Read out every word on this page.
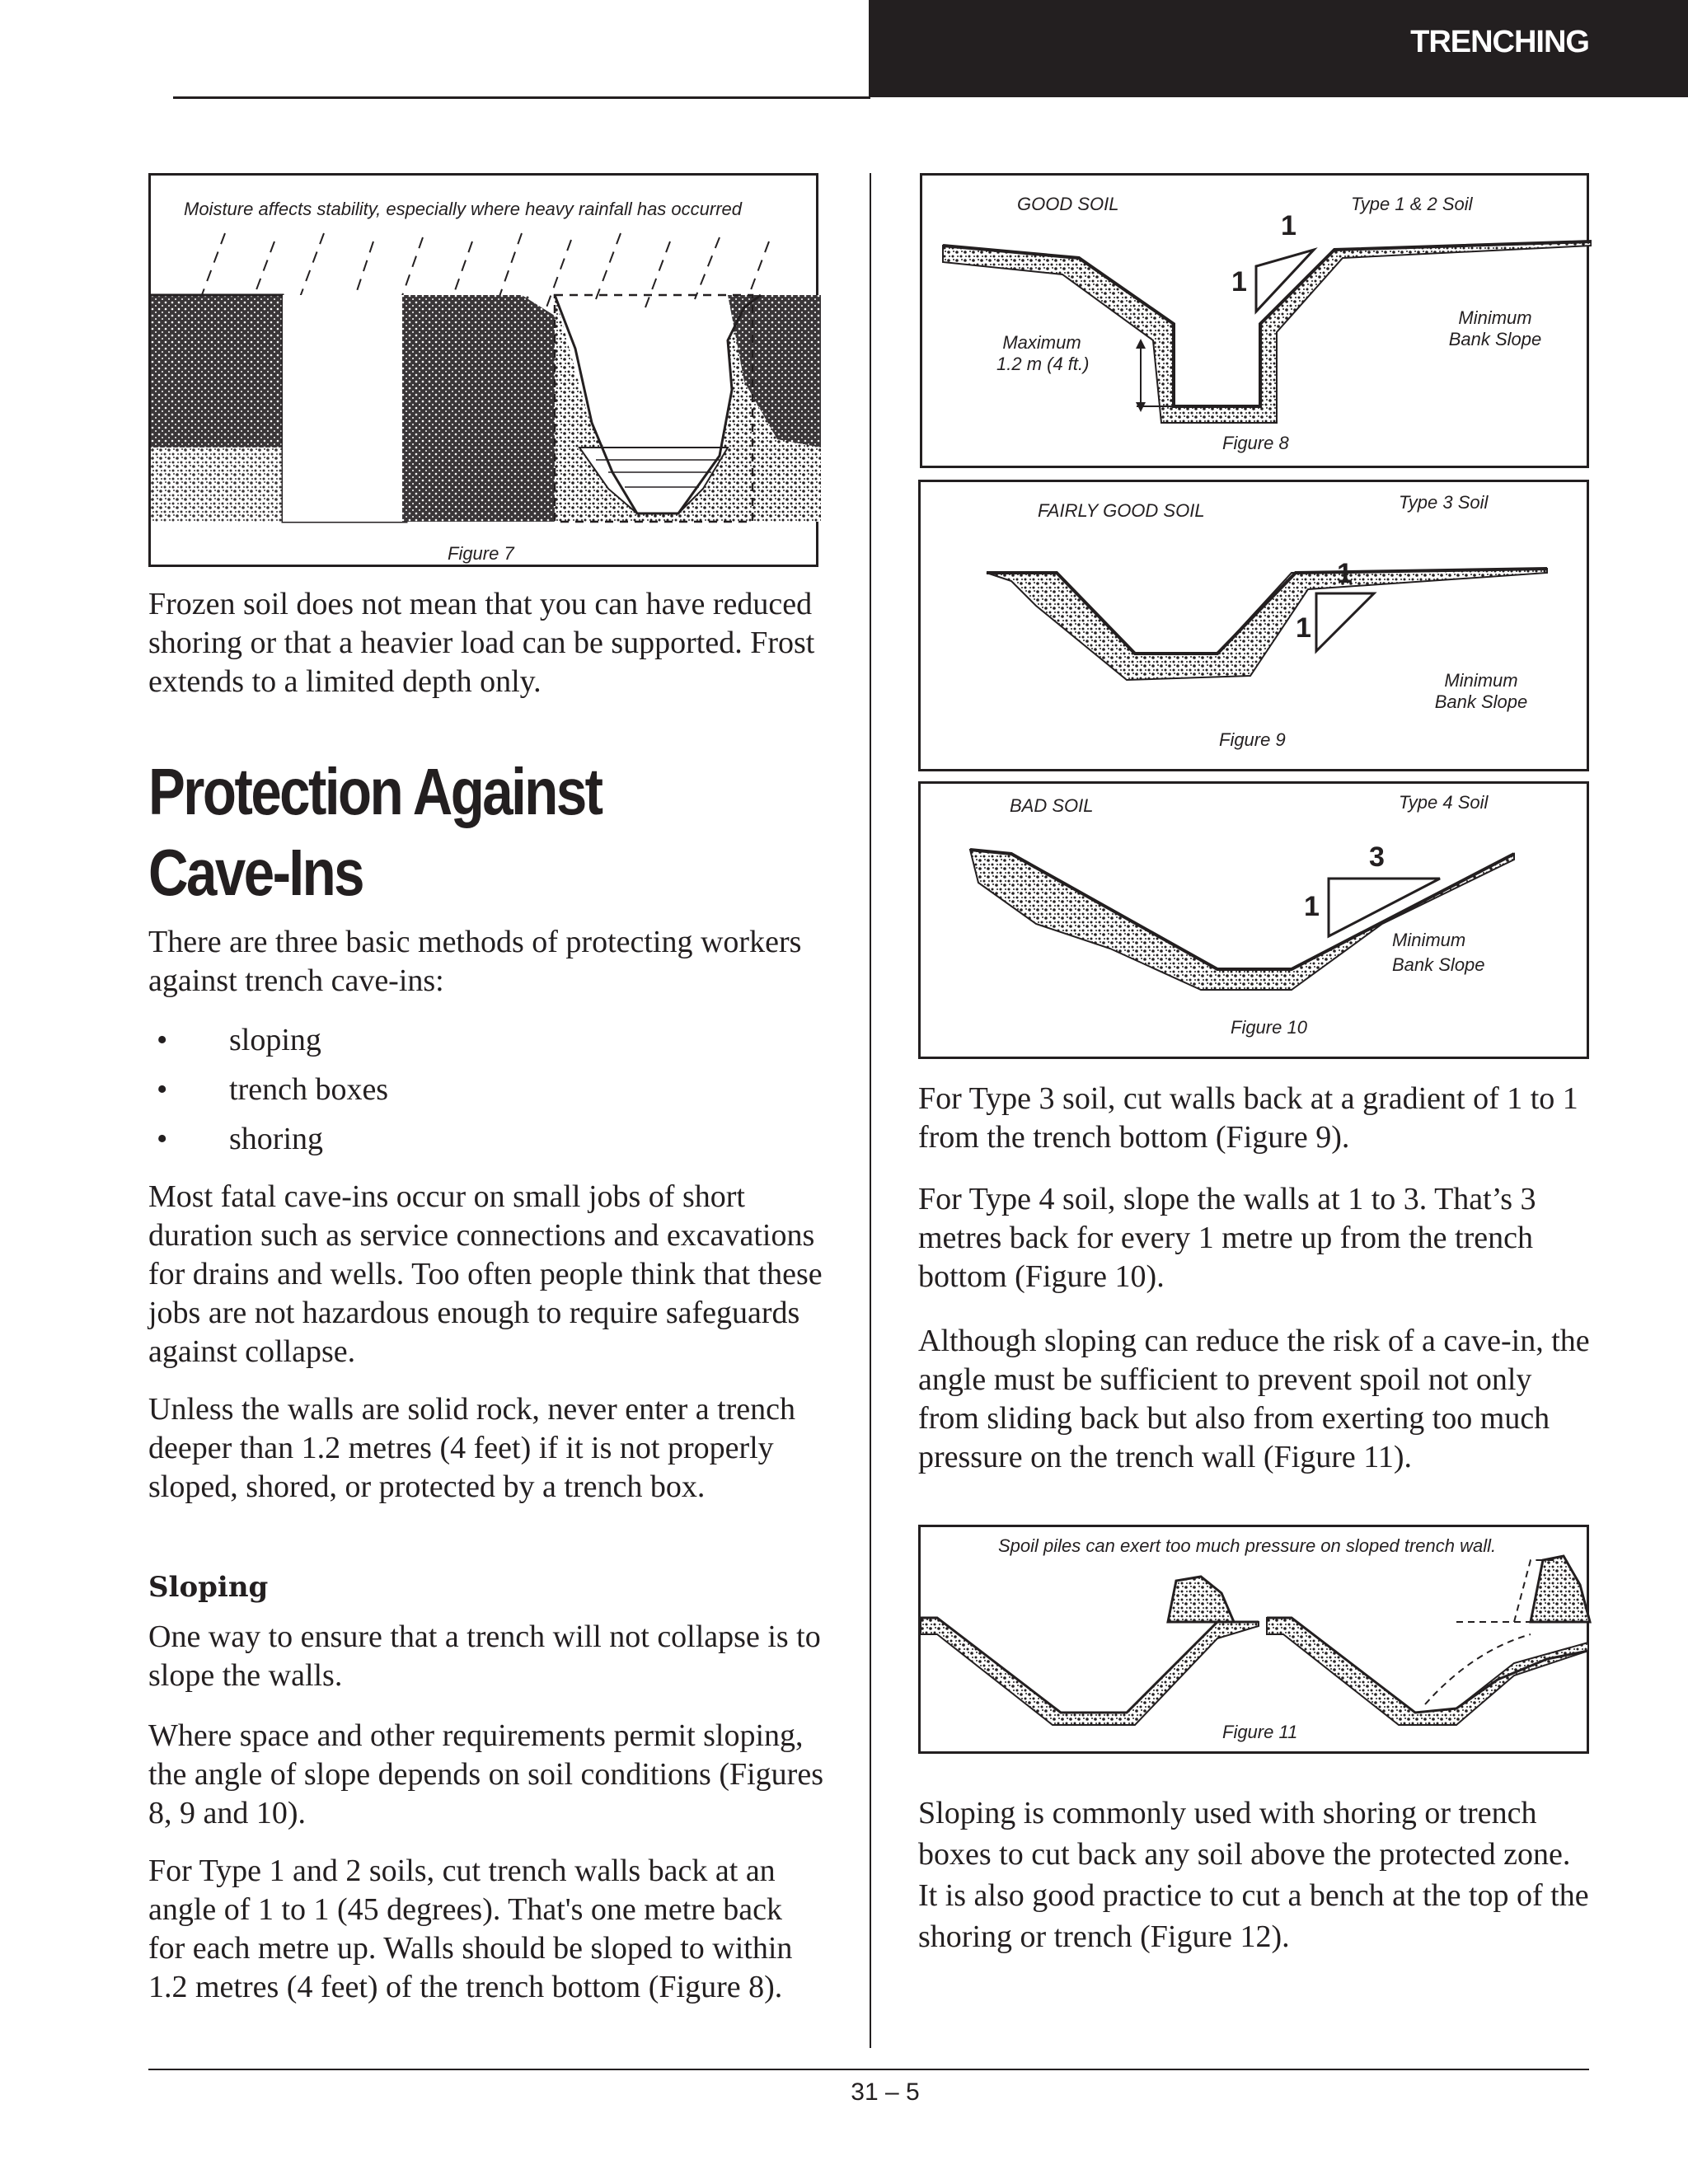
TRENCHING
Moisture affects stability, especially where heavy rainfall has occurred
Figure 7

Frozen soil does not mean that you can have reduced shoring or that a heavier load can be supported. Frost extends to a limited depth only.

Protection Against
Cave-Ins

There are three basic methods of protecting workers against trench cave-ins:

• sloping
• trench boxes
• shoring

Most fatal cave-ins occur on small jobs of short duration such as service connections and excavations for drains and wells. Too often people think that these jobs are not hazardous enough to require safeguards against collapse.

Unless the walls are solid rock, never enter a trench deeper than 1.2 metres (4 feet) if it is not properly sloped, shored, or protected by a trench box.

Sloping

One way to ensure that a trench will not collapse is to slope the walls.

Where space and other requirements permit sloping, the angle of slope depends on soil conditions (Figures 8, 9 and 10).

For Type 1 and 2 soils, cut trench walls back at an angle of 1 to 1 (45 degrees). That's one metre back for each metre up. Walls should be sloped to within 1.2 metres (4 feet) of the trench bottom (Figure 8).

GOOD SOIL	Type 1 & 2 Soil
1
1
Maximum
1.2 m (4 ft.)
Minimum
Bank Slope
Figure 8
FAIRLY GOOD SOIL	Type 3 Soil
1
1
Minimum
Bank Slope
Figure 9
BAD SOIL	Type 4 Soil
3
1
Minimum
Bank Slope
Figure 10

For Type 3 soil, cut walls back at a gradient of 1 to 1 from the trench bottom (Figure 9).

For Type 4 soil, slope the walls at 1 to 3. That’s 3 metres back for every 1 metre up from the trench bottom (Figure 10).

Although sloping can reduce the risk of a cave-in, the angle must be sufficient to prevent spoil not only from sliding back but also from exerting too much pressure on the trench wall (Figure 11).

Spoil piles can exert too much pressure on sloped trench wall.
Figure 11

Sloping is commonly used with shoring or trench boxes to cut back any soil above the protected zone. It is also good practice to cut a bench at the top of the shoring or trench (Figure 12).

31 – 5
